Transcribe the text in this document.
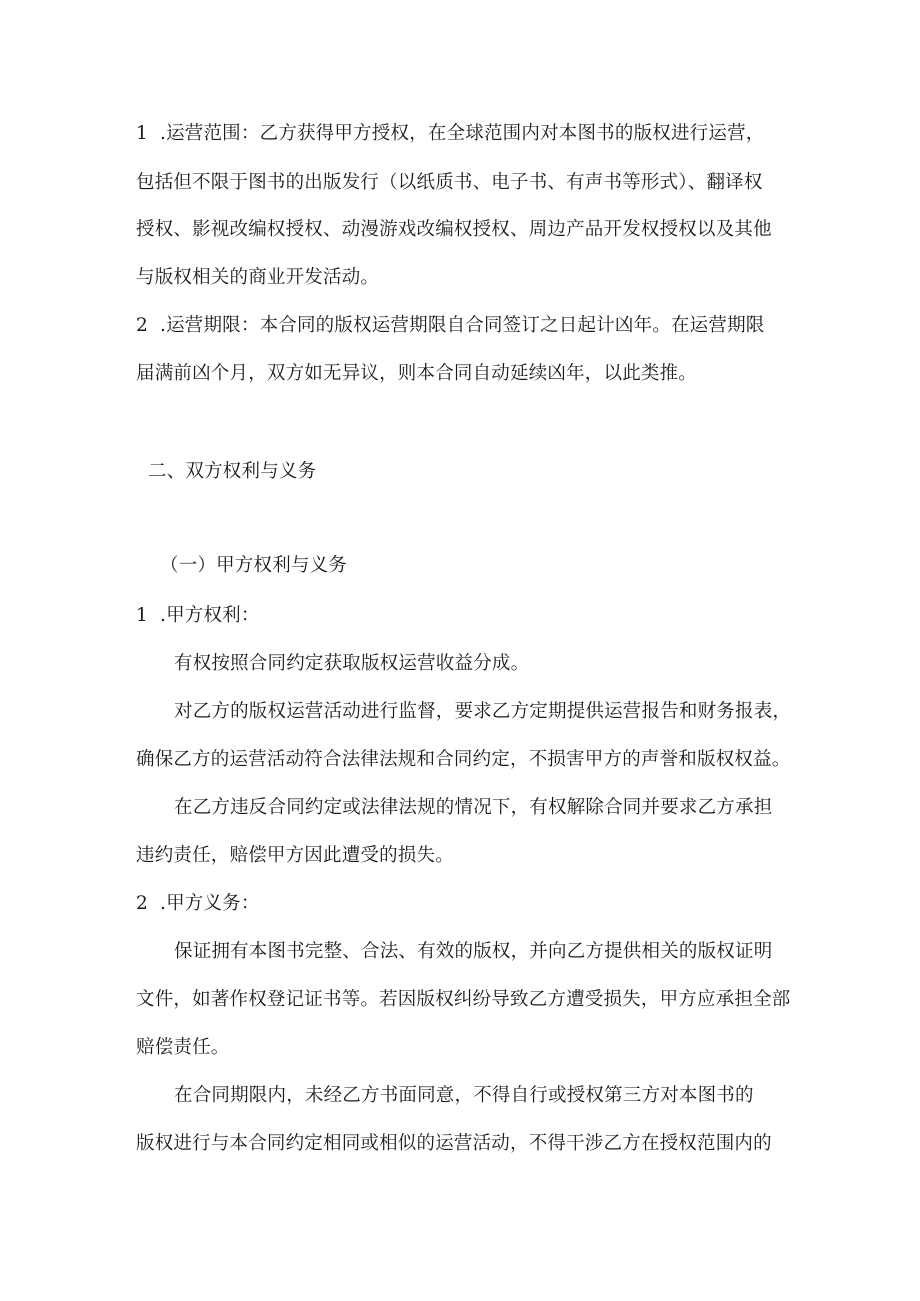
1 .运营范围：乙方获得甲方授权，在全球范围内对本图书的版权进行运营，
包括但不限于图书的出版发行（以纸质书、电子书、有声书等形式）、翻译权
授权、影视改编权授权、动漫游戏改编权授权、周边产品开发权授权以及其他
与版权相关的商业开发活动。
2 .运营期限：本合同的版权运营期限自合同签订之日起计凶年。在运营期限
届满前凶个月，双方如无异议，则本合同自动延续凶年，以此类推。
二、双方权利与义务
（一）甲方权利与义务
1 .甲方权利：
有权按照合同约定获取版权运营收益分成。
对乙方的版权运营活动进行监督，要求乙方定期提供运营报告和财务报表，
确保乙方的运营活动符合法律法规和合同约定，不损害甲方的声誉和版权权益。
在乙方违反合同约定或法律法规的情况下，有权解除合同并要求乙方承担
违约责任，赔偿甲方因此遭受的损失。
2 .甲方义务：
保证拥有本图书完整、合法、有效的版权，并向乙方提供相关的版权证明
文件，如著作权登记证书等。若因版权纠纷导致乙方遭受损失，甲方应承担全部
赔偿责任。
在合同期限内，未经乙方书面同意，不得自行或授权第三方对本图书的
版权进行与本合同约定相同或相似的运营活动，不得干涉乙方在授权范围内的
